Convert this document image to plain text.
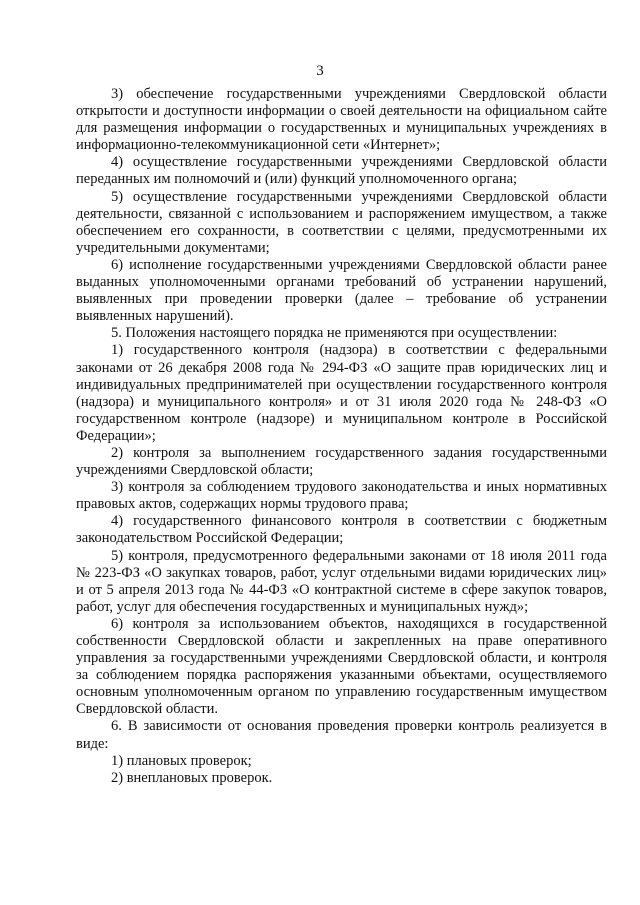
3

3) обеспечение государственными учреждениями Свердловской области открытости и доступности информации о своей деятельности на официальном сайте для размещения информации о государственных и муниципальных учреждениях в информационно-телекоммуникационной сети «Интернет»;

4) осуществление государственными учреждениями Свердловской области переданных им полномочий и (или) функций уполномоченного органа;

5) осуществление государственными учреждениями Свердловской области деятельности, связанной с использованием и распоряжением имуществом, а также обеспечением его сохранности, в соответствии с целями, предусмотренными их учредительными документами;

6) исполнение государственными учреждениями Свердловской области ранее выданных уполномоченными органами требований об устранении нарушений, выявленных при проведении проверки (далее – требование об устранении выявленных нарушений).

5. Положения настоящего порядка не применяются при осуществлении:

1) государственного контроля (надзора) в соответствии с федеральными законами от 26 декабря 2008 года № 294-ФЗ «О защите прав юридических лиц и индивидуальных предпринимателей при осуществлении государственного контроля (надзора) и муниципального контроля» и от 31 июля 2020 года № 248-ФЗ «О государственном контроле (надзоре) и муниципальном контроле в Российской Федерации»;

2) контроля за выполнением государственного задания государственными учреждениями Свердловской области;

3) контроля за соблюдением трудового законодательства и иных нормативных правовых актов, содержащих нормы трудового права;

4) государственного финансового контроля в соответствии с бюджетным законодательством Российской Федерации;

5) контроля, предусмотренного федеральными законами от 18 июля 2011 года № 223-ФЗ «О закупках товаров, работ, услуг отдельными видами юридических лиц» и от 5 апреля 2013 года № 44-ФЗ «О контрактной системе в сфере закупок товаров, работ, услуг для обеспечения государственных и муниципальных нужд»;

6) контроля за использованием объектов, находящихся в государственной собственности Свердловской области и закрепленных на праве оперативного управления за государственными учреждениями Свердловской области, и контроля за соблюдением порядка распоряжения указанными объектами, осуществляемого основным уполномоченным органом по управлению государственным имуществом Свердловской области.

6. В зависимости от основания проведения проверки контроль реализуется в виде:

1) плановых проверок;

2) внеплановых проверок.
